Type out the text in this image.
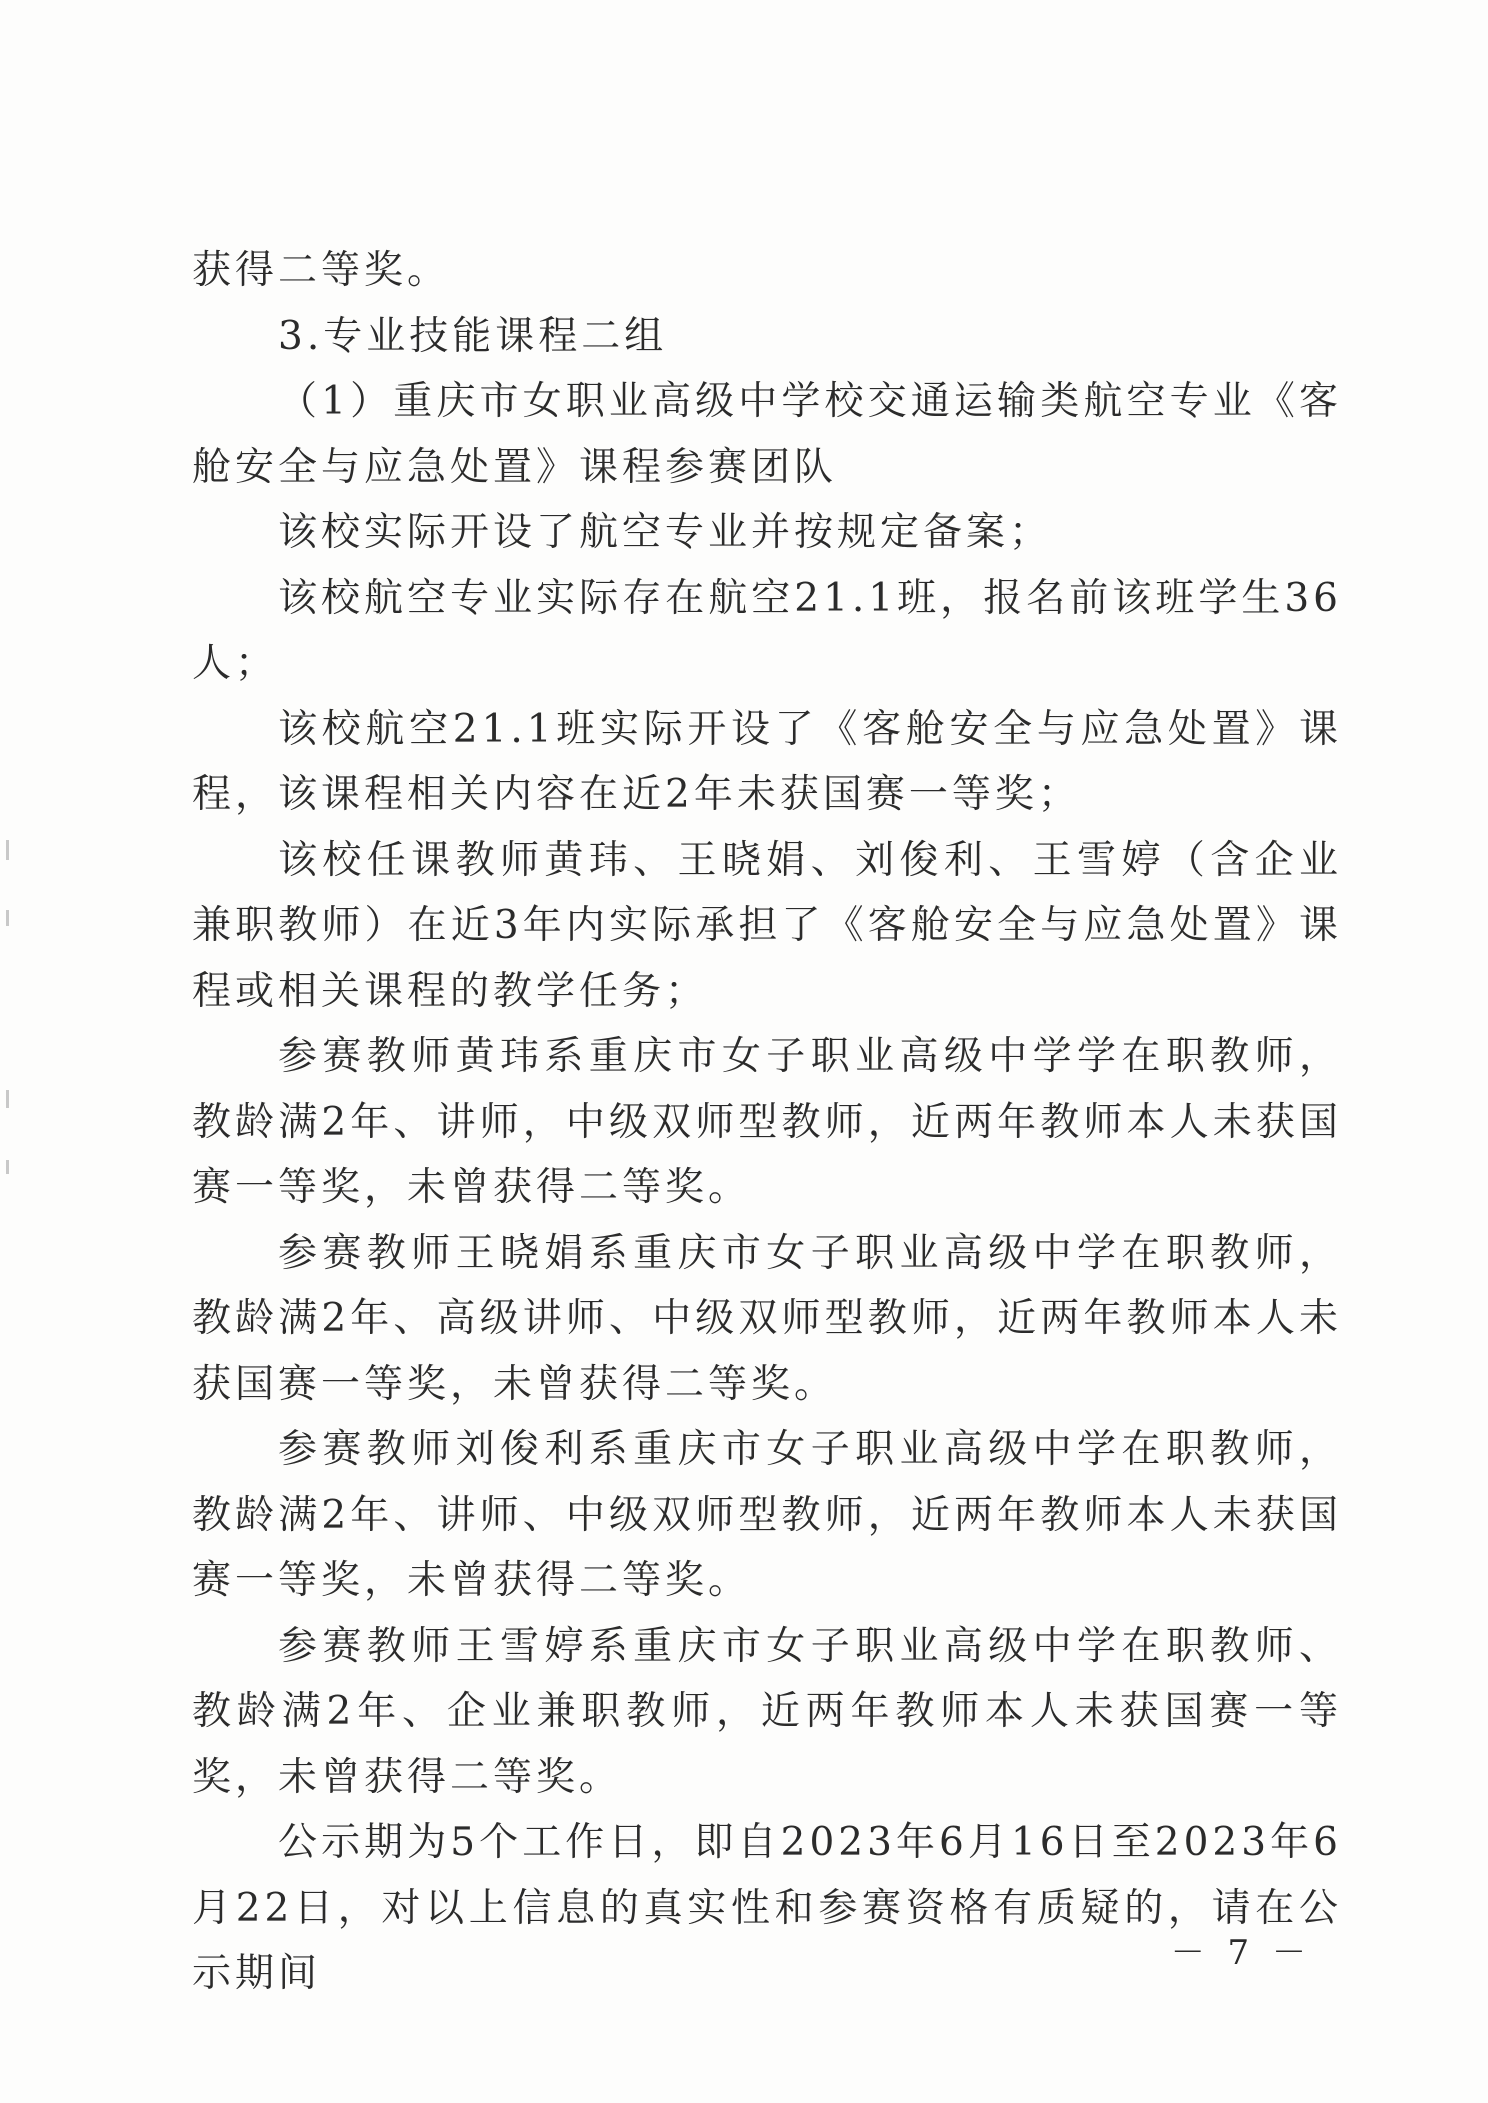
获得二等奖。

3.专业技能课程二组

（1）重庆市女职业高级中学校交通运输类航空专业《客舱安全与应急处置》课程参赛团队

该校实际开设了航空专业并按规定备案；

该校航空专业实际存在航空21.1班，报名前该班学生36人；

该校航空21.1班实际开设了《客舱安全与应急处置》课程，该课程相关内容在近2年未获国赛一等奖；

该校任课教师黄玮、王晓娟、刘俊利、王雪婷（含企业兼职教师）在近3年内实际承担了《客舱安全与应急处置》课程或相关课程的教学任务；

参赛教师黄玮系重庆市女子职业高级中学学在职教师，教龄满2年、讲师，中级双师型教师，近两年教师本人未获国赛一等奖，未曾获得二等奖。

参赛教师王晓娟系重庆市女子职业高级中学在职教师，教龄满2年、高级讲师、中级双师型教师，近两年教师本人未获国赛一等奖，未曾获得二等奖。

参赛教师刘俊利系重庆市女子职业高级中学在职教师，教龄满2年、讲师、中级双师型教师，近两年教师本人未获国赛一等奖，未曾获得二等奖。

参赛教师王雪婷系重庆市女子职业高级中学在职教师、教龄满2年、企业兼职教师，近两年教师本人未获国赛一等奖，未曾获得二等奖。

公示期为5个工作日，即自2023年6月16日至2023年6月22日，对以上信息的真实性和参赛资格有质疑的，请在公示期间	－ 7 －
